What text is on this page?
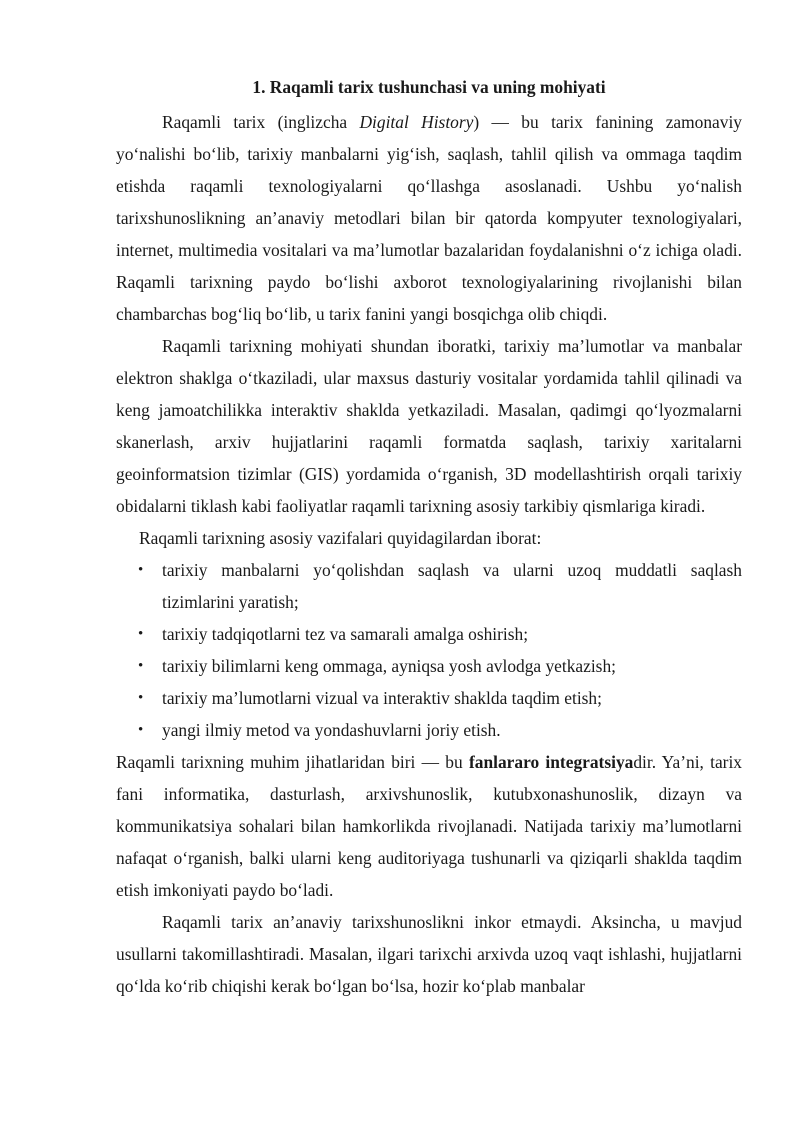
1. Raqamli tarix tushunchasi va uning mohiyati

Raqamli tarix (inglizcha Digital History) — bu tarix fanining zamonaviy yo‘nalishi bo‘lib, tarixiy manbalarni yig‘ish, saqlash, tahlil qilish va ommaga taqdim etishda raqamli texnologiyalarni qo‘llashga asoslanadi. Ushbu yo‘nalish tarixshunoslikning an’anaviy metodlari bilan bir qatorda kompyuter texnologiyalari, internet, multimedia vositalari va ma’lumotlar bazalaridan foydalanishni o‘z ichiga oladi. Raqamli tarixning paydo bo‘lishi axborot texnologiyalarining rivojlanishi bilan chambarchas bog‘liq bo‘lib, u tarix fanini yangi bosqichga olib chiqdi.

Raqamli tarixning mohiyati shundan iboratki, tarixiy ma’lumotlar va manbalar elektron shaklga o‘tkaziladi, ular maxsus dasturiy vositalar yordamida tahlil qilinadi va keng jamoatchilikka interaktiv shaklda yetkaziladi. Masalan, qadimgi qo‘lyozmalarni skanerlash, arxiv hujjatlarini raqamli formatda saqlash, tarixiy xaritalarni geoinformatsion tizimlar (GIS) yordamida o‘rganish, 3D modellashtirish orqali tarixiy obidalarni tiklash kabi faoliyatlar raqamli tarixning asosiy tarkibiy qismlariga kiradi.

Raqamli tarixning asosiy vazifalari quyidagilardan iborat:

• tarixiy manbalarni yo‘qolishdan saqlash va ularni uzoq muddatli saqlash tizimlarini yaratish;
• tarixiy tadqiqotlarni tez va samarali amalga oshirish;
• tarixiy bilimlarni keng ommaga, ayniqsa yosh avlodga yetkazish;
• tarixiy ma’lumotlarni vizual va interaktiv shaklda taqdim etish;
• yangi ilmiy metod va yondashuvlarni joriy etish.

Raqamli tarixning muhim jihatlaridan biri — bu fanlararo integratsiyadir. Ya’ni, tarix fani informatika, dasturlash, arxivshunoslik, kutubxonashunoslik, dizayn va kommunikatsiya sohalari bilan hamkorlikda rivojlanadi. Natijada tarixiy ma’lumotlarni nafaqat o‘rganish, balki ularni keng auditoriyaga tushunarli va qiziqarli shaklda taqdim etish imkoniyati paydo bo‘ladi.

Raqamli tarix an’anaviy tarixshunoslikni inkor etmaydi. Aksincha, u mavjud usullarni takomillashtiradi. Masalan, ilgari tarixchi arxivda uzoq vaqt ishlashi, hujjatlarni qo‘lda ko‘rib chiqishi kerak bo‘lgan bo‘lsa, hozir ko‘plab manbalar
